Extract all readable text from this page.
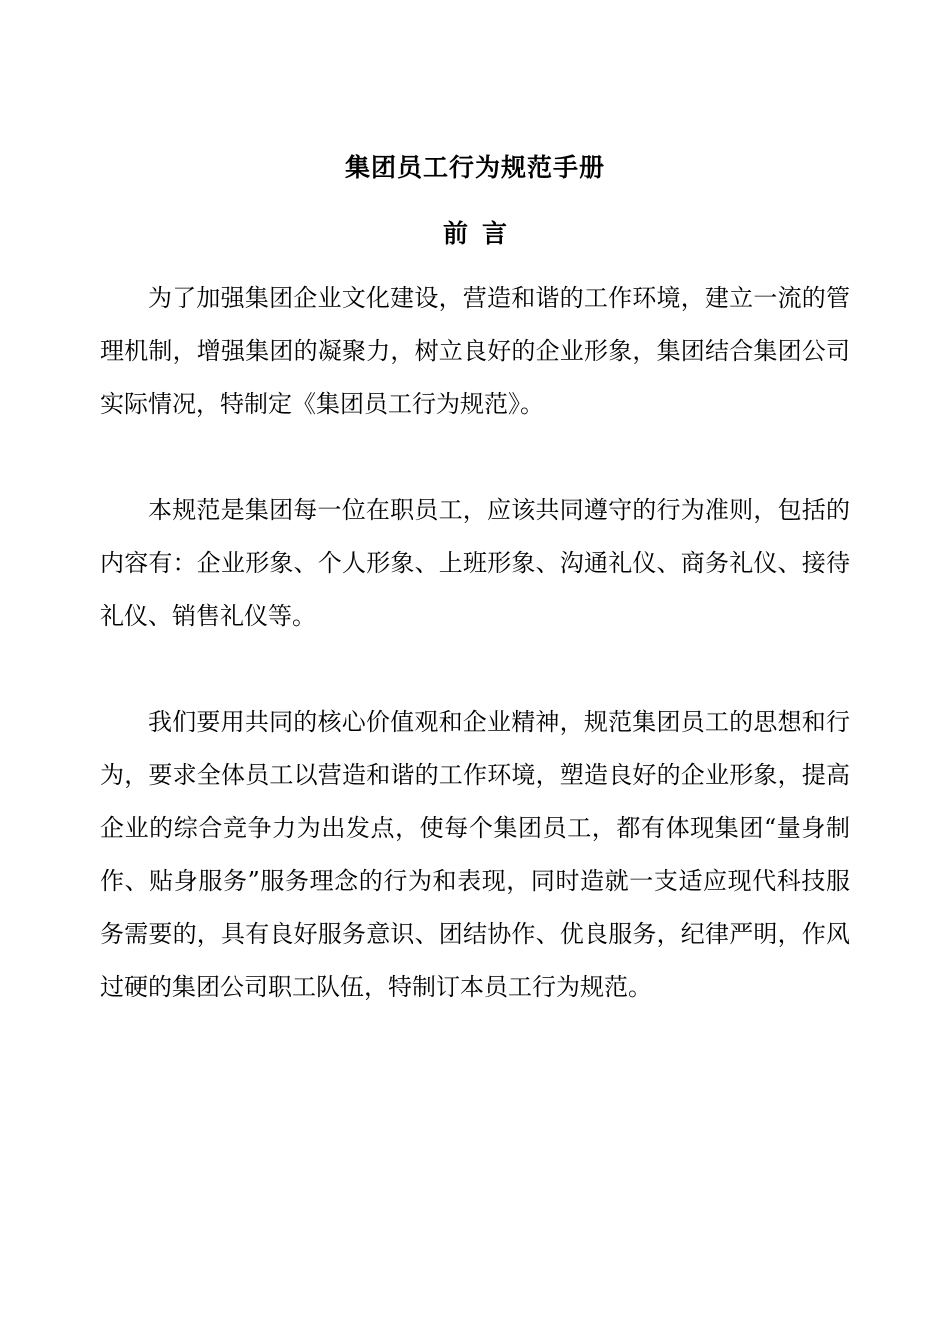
集团员工行为规范手册
前 言

为了加强集团企业文化建设，营造和谐的工作环境，建立一流的管理机制，增强集团的凝聚力，树立良好的企业形象，集团结合集团公司实际情况，特制定《集团员工行为规范》。

本规范是集团每一位在职员工，应该共同遵守的行为准则，包括的内容有：企业形象、个人形象、上班形象、沟通礼仪、商务礼仪、接待礼仪、销售礼仪等。

我们要用共同的核心价值观和企业精神，规范集团员工的思想和行为，要求全体员工以营造和谐的工作环境，塑造良好的企业形象，提高企业的综合竞争力为出发点，使每个集团员工，都有体现集团“量身制作、贴身服务”服务理念的行为和表现，同时造就一支适应现代科技服务需要的，具有良好服务意识、团结协作、优良服务，纪律严明，作风过硬的集团公司职工队伍，特制订本员工行为规范。
